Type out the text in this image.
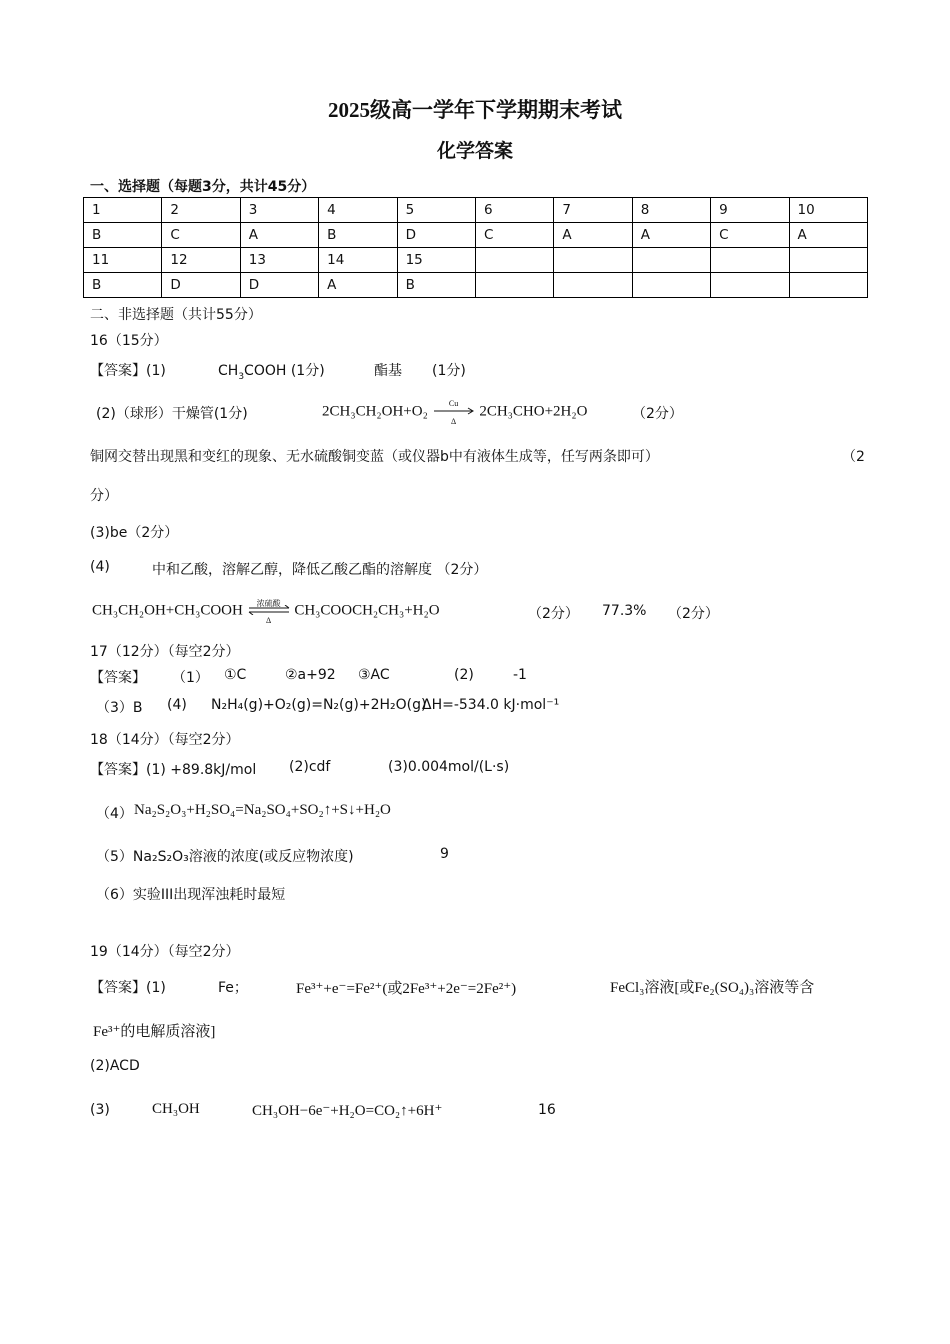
2025级高一学年下学期期末考试
化学答案
一、选择题（每题3分，共计45分）
1	2	3	4	5	6	7	8	9	10
B	C	A	B	D	C	A	A	C	A
11	12	13	14	15					
B	D	D	A	B					
二、非选择题（共计55分）
16（15分）
【答案】(1)	$CH_3COOH$ (1分)	酯基 (1分)
(2)（球形）干燥管(1分)	2CH₃CH₂OH+O₂	Cu
Δ
2CH₃CHO+2H₂O	（2分）
铜网交替出现黑和变红的现象、无水硫酸铜变蓝（或仪器b中有液体生成等，任写两条即可）	（2
分）
(3)be（2分）
(4)	中和乙酸，溶解乙醇，降低乙酸乙酯的溶解度 （2分）
CH₃CH₂OH+CH₃COOH	浓硫酸
Δ
CH₃COOCH₂CH₃+H₂O	（2分） 77.3% （2分）
17（12分）（每空2分）
【答案】 （1） ①C	②a+92 ③AC	(2)	-1
（3）B (4) N₂H₄(g)+O₂(g)=N₂(g)+2H₂O(g)
ΔH=-534.0 kJ·mol⁻¹
18（14分）（每空2分）
【答案】(1) +89.8kJ/mol (2)cdf	(3)0.004mol/(L·s)
（4） Na₂S₂O₃+H₂SO₄=Na₂SO₄+SO₂↑+S↓+H₂O
（5）Na₂S₂O₃溶液的浓度(或反应物浓度)	9
（6）实验III出现浑浊耗时最短
19（14分）（每空2分）
【答案】(1)	Fe；	Fe³⁺+e⁻=Fe²⁺(或2Fe³⁺+2e⁻=2Fe²⁺)	FeCl₃溶液[或Fe₂(SO₄)₃溶液等含
Fe³⁺的电解质溶液]
(2)ACD
(3)	CH₃OH	CH₃OH−6e⁻+H₂O=CO₂↑+6H⁺	16
